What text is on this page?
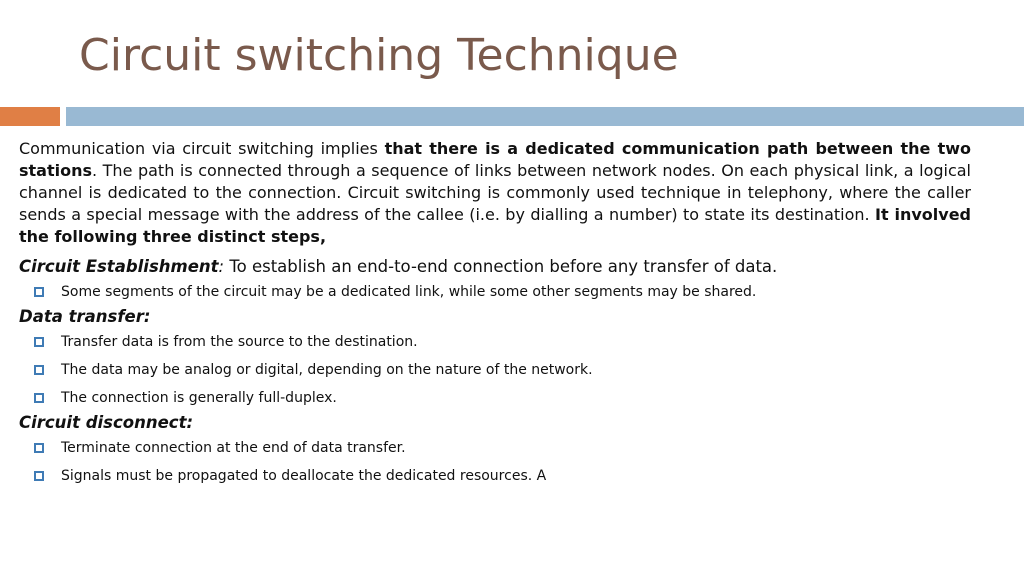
Circuit switching Technique

Communication via circuit switching implies that there is a dedicated communication path between the two stations. The path is connected through a sequence of links between network nodes. On each physical link, a logical channel is dedicated to the connection. Circuit switching is commonly used technique in telephony, where the caller sends a special message with the address of the callee (i.e. by dialling a number) to state its destination. It involved the following three distinct steps,

Circuit Establishment: To establish an end-to-end connection before any transfer of data.

Some segments of the circuit may be a dedicated link, while some other segments may be shared.

Data transfer:

Transfer data is from the source to the destination.
The data may be analog or digital, depending on the nature of the network.
The connection is generally full-duplex.

Circuit disconnect:

Terminate connection at the end of data transfer.
Signals must be propagated to deallocate the dedicated resources. A
